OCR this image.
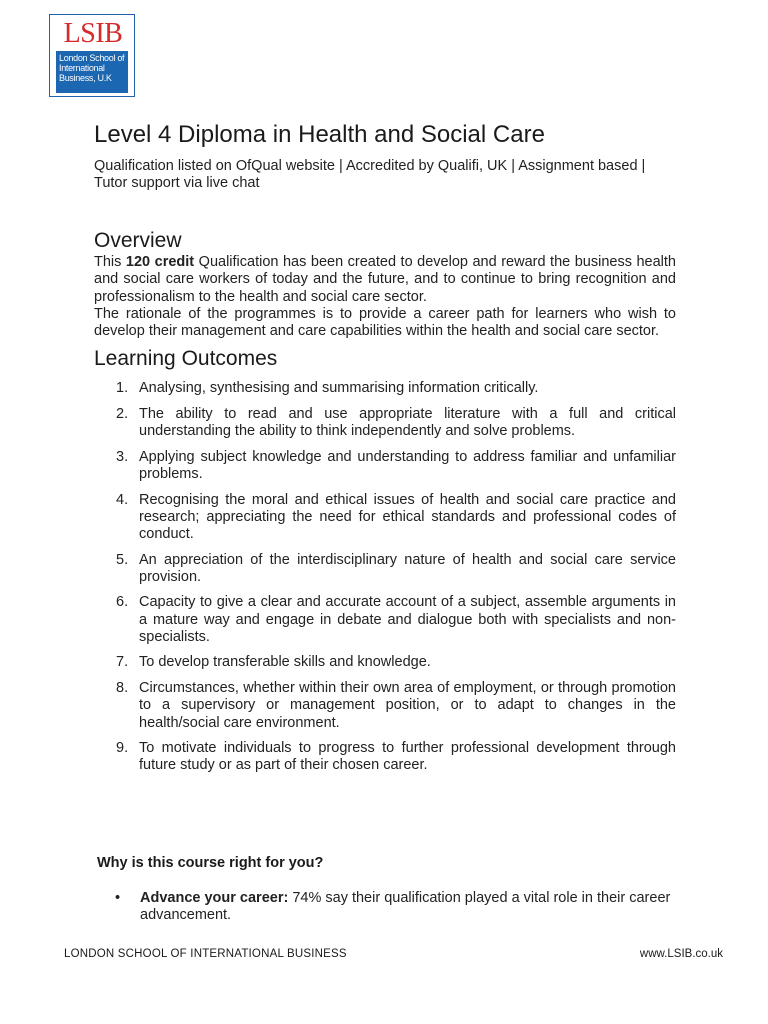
LSIB
London School of
International
Business, U.K
Level 4 Diploma in Health and Social Care
Qualification listed on OfQual website | Accredited by Qualifi, UK | Assignment based | Tutor support via live chat
Overview

This 120 credit Qualification has been created to develop and reward the business health and social care workers of today and the future, and to continue to bring recognition and professionalism to the health and social care sector.

The rationale of the programmes is to provide a career path for learners who wish to develop their management and care capabilities within the health and social care sector.

Learning Outcomes
1. Analysing, synthesising and summarising information critically.
2. The ability to read and use appropriate literature with a full and critical understanding the ability to think independently and solve problems.
3. Applying subject knowledge and understanding to address familiar and unfamiliar problems.
4. Recognising the moral and ethical issues of health and social care practice and research; appreciating the need for ethical standards and professional codes of conduct.
5. An appreciation of the interdisciplinary nature of health and social care service provision.
6. Capacity to give a clear and accurate account of a subject, assemble arguments in a mature way and engage in debate and dialogue both with specialists and non-specialists.
7. To develop transferable skills and knowledge.
8. Circumstances, whether within their own area of employment, or through promotion to a supervisory or management position, or to adapt to changes in the health/social care environment.
9. To motivate individuals to progress to further professional development through future study or as part of their chosen career.
Why is this course right for you?
• Advance your career: 74% say their qualification played a vital role in their career advancement.
LONDON SCHOOL OF INTERNATIONAL BUSINESS	www.LSIB.co.uk
